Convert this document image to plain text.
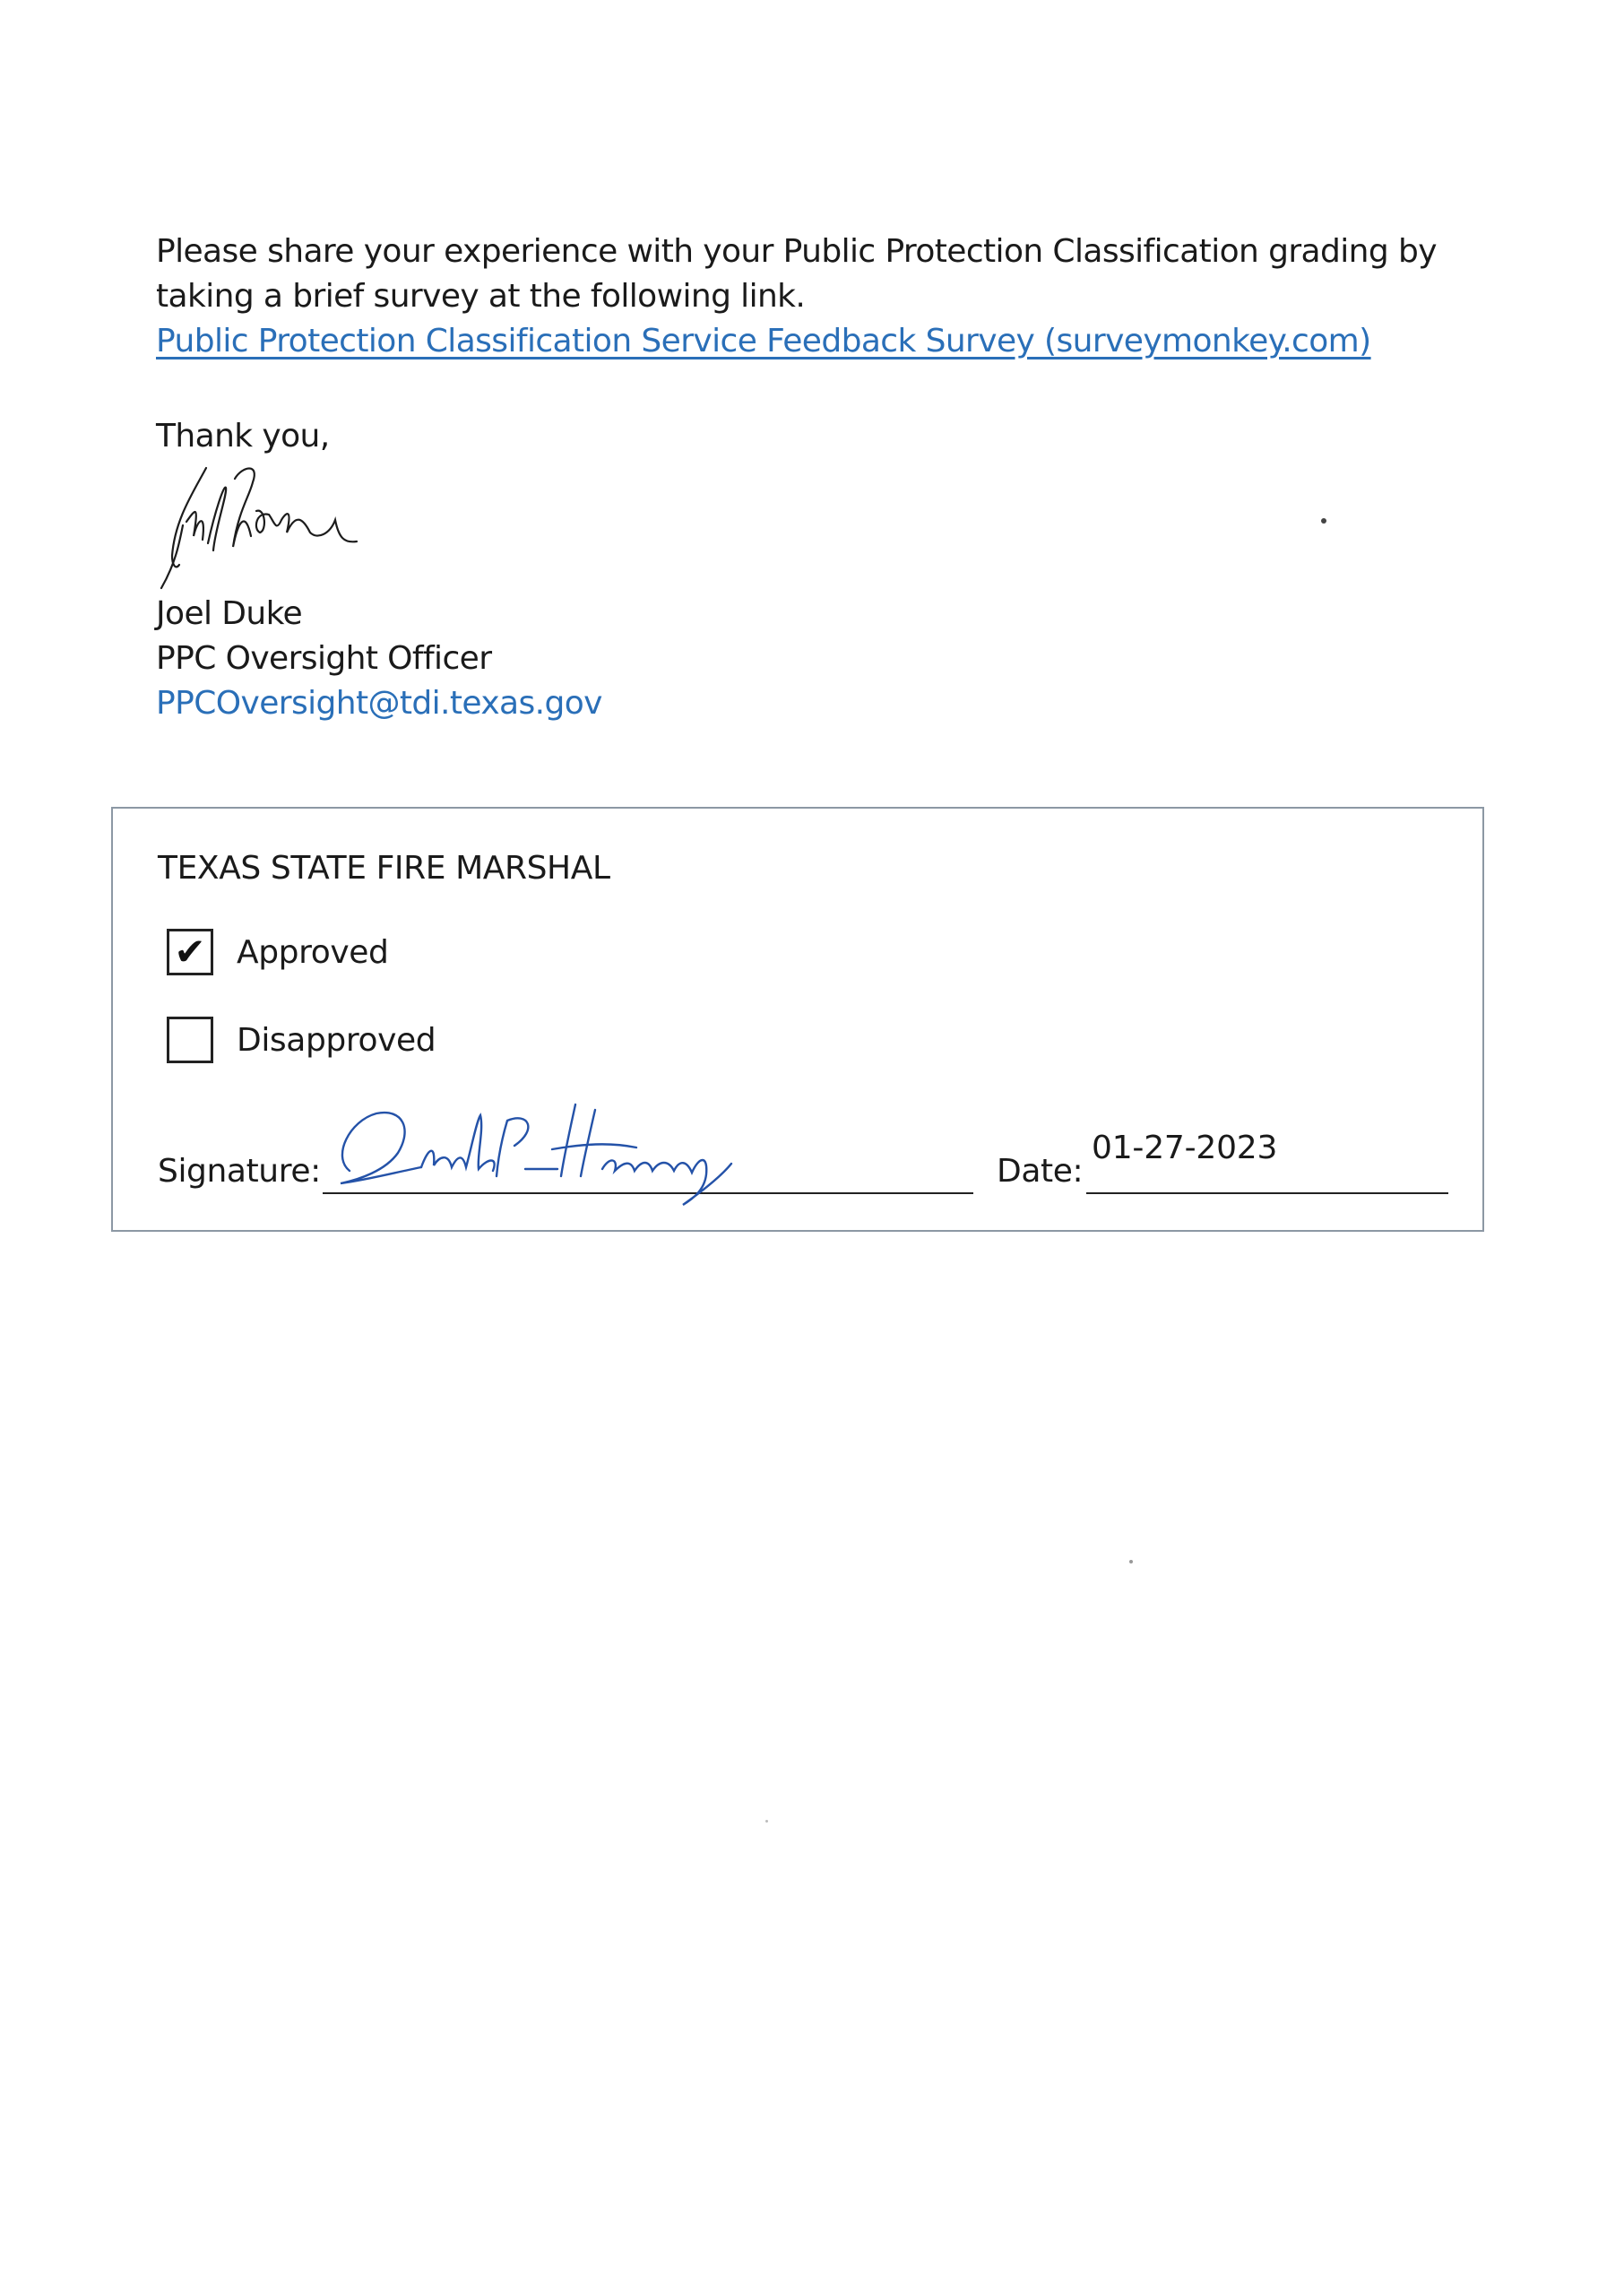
Please share your experience with your Public Protection Classification grading by taking a brief survey at the following link.

Public Protection Classification Service Feedback Survey (surveymonkey.com)
Thank you,
Joel Duke
PPC Oversight Officer
PPCOversight@tdi.texas.gov
TEXAS STATE FIRE MARSHAL
✔ Approved
Disapproved
Signature:	Date:
01-27-2023
